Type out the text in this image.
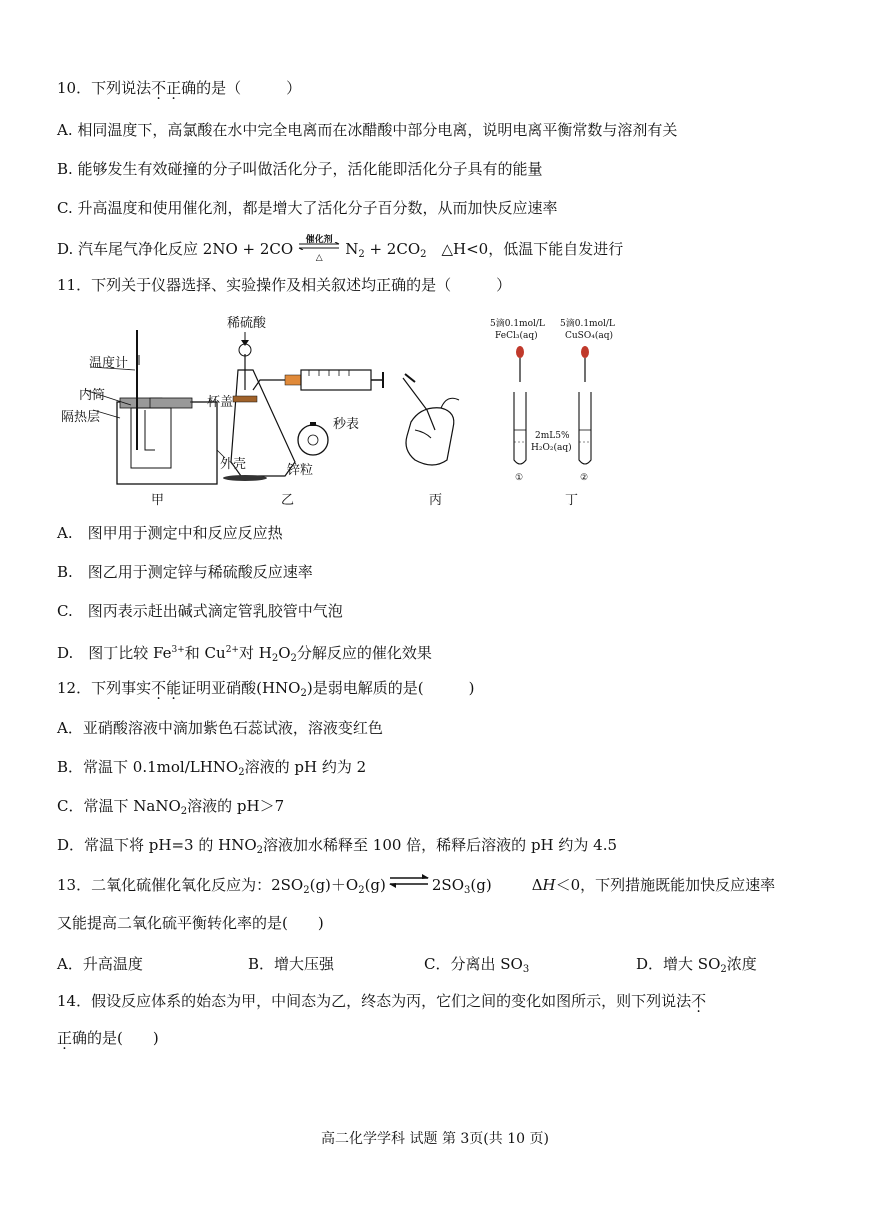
10．下列说法不正确的是（　　　）
A. 相同温度下，高氯酸在水中完全电离而在冰醋酸中部分电离，说明电离平衡常数与溶剂有关
B. 能够发生有效碰撞的分子叫做活化分子，活化能即活化分子具有的能量
C. 升高温度和使用催化剂，都是增大了活化分子百分数，从而加快反应速率
D. 汽车尾气净化反应 2NO + 2CO	催化剂
△	$N_2 + 2CO_2$　△H<0，低温下能自发进行
11．下列关于仪器选择、实验操作及相关叙述均正确的是（　　　）
温度计
内筒
隔热层
杯盖
外壳
甲
稀硫酸
秒表
锌粒
乙	丙
5滴0.1mol/L
FeCl₃(aq)
5滴0.1mol/L
CuSO₄(aq)
2mL5%
H₂O₂(aq)
①	②
丁
A.　图甲用于测定中和反应反应热
B.　图乙用于测定锌与稀硫酸反应速率
C.　图丙表示赶出碱式滴定管乳胶管中气泡
D.　图丁比较 $Fe^{3+}$和 $Cu^{2+}$对 $H_2O_2$分解反应的催化效果
12．下列事实不能证明亚硝酸$(HNO_2)$是弱电解质的是(　　　)
A．亚硝酸溶液中滴加紫色石蕊试液，溶液变红色
B．常温下 $0.1mol/LHNO_2$溶液的 pH 约为 2
C．常温下 NaNO$_2$溶液的 pH＞7
D．常温下将 pH=3 的 $HNO_2$溶液加水稀释至 100 倍，稀释后溶液的 pH 约为 4.5
13．二氧化硫催化氧化反应为：$2SO_2(g)+O_2(g)$ ⇌ $2SO_3(g)$	ΔH＜0，下列措施既能加快反应速率
又能提高二氧化硫平衡转化率的是(　　)
A．升高温度	B．增大压强	C．分离出 $SO_3$	D．增大 $SO_2$浓度
14．假设反应体系的始态为甲，中间态为乙，终态为丙，它们之间的变化如图所示，则下列说法不
正确的是(　　)
高二化学学科 试题 第 3页(共 10 页)
